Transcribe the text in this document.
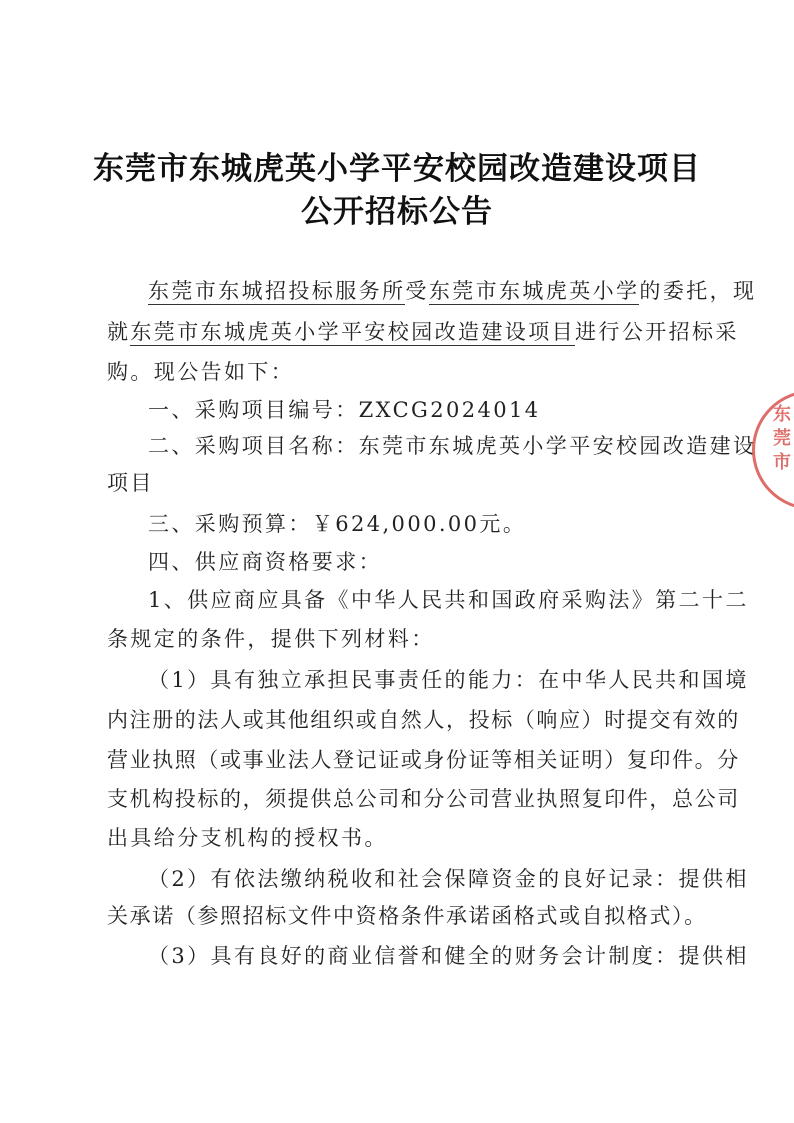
东莞市东城虎英小学平安校园改造建设项目
公开招标公告
东莞市东城招投标服务所受东莞市东城虎英小学的委托，现
就东莞市东城虎英小学平安校园改造建设项目进行公开招标采
购。现公告如下：
一、采购项目编号：ZXCG2024014
二、采购项目名称：东莞市东城虎英小学平安校园改造建设
项目
三、采购预算：￥624,000.00元。
四、供应商资格要求：
1、供应商应具备《中华人民共和国政府采购法》第二十二
条规定的条件，提供下列材料：
（1）具有独立承担民事责任的能力：在中华人民共和国境
内注册的法人或其他组织或自然人，投标（响应）时提交有效的
营业执照（或事业法人登记证或身份证等相关证明）复印件。分
支机构投标的，须提供总公司和分公司营业执照复印件，总公司
出具给分支机构的授权书。
（2）有依法缴纳税收和社会保障资金的良好记录：提供相
关承诺（参照招标文件中资格条件承诺函格式或自拟格式）。
（3）具有良好的商业信誉和健全的财务会计制度：提供相
东莞市
